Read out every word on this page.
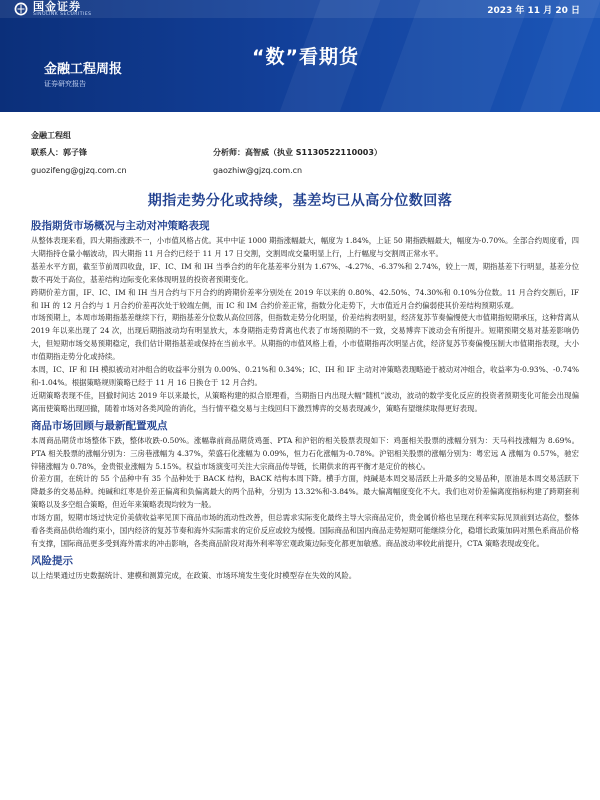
国金证券
SINOLINK SECURITIES	2023 年 11 月 20 日
金融工程周报
证券研究报告
“数”看期货
金融工程组
联系人：郭子锋
guozifeng@gjzq.com.cn
分析师：高智威（执业 S1130522110003）
gaozhiw@gjzq.com.cn
期指走势分化或持续，基差均已从高分位数回落
股指期货市场概况与主动对冲策略表现

从整体表现来看，四大期指涨跌不一，小市值风格占优。其中中证 1000 期指涨幅最大，幅度为 1.84%，上证 50 期指跌幅最大，幅度为-0.70%。全部合约周度看，四大期指持仓量小幅波动，四大期指 11 月合约已经于 11 月 17 日交割，交割周成交量明显上行，上行幅度与交割周正常水平。

基差水平方面，截至节前周四收盘，IF、IC、IM 和 IH 当季合约的年化基差率分别为 1.67%、-4.27%、-6.37%和 2.74%，较上一周，期指基差下行明显，基差分位数不再处于高位，基差结构边际变化来体现明显的投资者预期变化。

跨期价差方面，IF、IC、IM 和 IH 当月合约与下月合约的跨期价差率分别处在 2019 年以来的 0.80%、42.50%、74.30%和 0.10%分位数。11 月合约交割后，IF 和 IH 的 12 月合约与 1 月合约价差再次处于较端左侧，而 IC 和 IM 合约价差正常，指数分化走势下，大市值近月合约偏弱使其价差结构预期乐观。

市场预期上，本周市场期指基差继续下行，期指基差分位数从高位回落，但指数走势分化明显，价差结构表明显，经济复苏节奏偏慢使大市值期指短期承压，这种背离从 2019 年以来出现了 24 次，出现后期指波动均有明显放大，本身期指走势背离也代表了市场预期的不一致，交易博弈下波动会有所提升。短期预期交易对基差影响仍大，但短期市场交易预期稳定，我们估计期指基差或保持在当前水平。从期指的市值风格上看，小市值期指再次明显占优，经济复苏节奏偏慢压制大市值期指表现，大小市值期指走势分化或持续。

本周，IC、IF 和 IH 模拟被动对冲组合的收益率分别为 0.00%、0.21%和 0.34%；IC、IH 和 IF 主动对冲策略表现略逊于被动对冲组合，收益率为-0.93%、-0.74%和-1.04%。根据策略规则策略已经于 11 月 16 日换仓于 12 月合约。

近期策略表现不佳，回撤时间达 2019 年以来最长，从策略构建的拟合原理看，当期指日内出现大幅“随机”波动，波动的数学变化反应的投资者预期变化可能会出现偏离而使策略出现回撤，随着市场对各类风险的消化，当行情平稳交易与主线回归下激烈博弈的交易表现减少，策略有望继续取得更好表现。

商品市场回顾与最新配置观点

本周商品期货市场整体下跌，整体收跌-0.50%。涨幅靠前商品期货鸡蛋、PTA 和沪铝的相关股票表现如下：鸡蛋相关股票的涨幅分别为：天马科技涨幅为 8.69%。PTA 相关股票的涨幅分别为：三房巷涨幅为 4.37%，荣盛石化涨幅为 0.09%，恒力石化涨幅为-0.78%。沪铝相关股票的涨幅分别为：粤宏远 A 涨幅为 0.57%，驰宏锌锗涨幅为 0.78%，金贵银业涨幅为 5.15%。权益市场演变可关注大宗商品传导链，长期供求的再平衡才是定价的核心。

价差方面，在统计的 55 个品种中有 35 个品种处于 BACK 结构，BACK 结构本周下降。横手方面，纯碱是本周交易活跃上升最多的交易品种，原油是本周交易活跃下降最多的交易品种。纯碱和红枣是价差正偏离和负偏离最大的两个品种，分别为 13.32%和-3.84%。最大偏离幅度变化不大。我们也对价差偏离度指标构建了跨期套利策略以及多空组合策略，但近年来策略表现均较为一般。

市场方面，短期市场过快定价美债收益率见顶下商品市场的流动性改善，但总需求实际变化最终主导大宗商品定价，贵金属价格也呈现在利率实际见顶前到达高位，整体看各类商品供给端约束小，国内经济的复苏节奏和海外实际需求的定价反应或较为缓慢。国际商品和国内商品走势短期可能继续分化，稳增长政策加码对黑色系商品价格有支撑，国际商品更多受到海外需求的冲击影响，各类商品阶段对海外利率等宏观政策边际变化都更加敏感。商品波动率较此前提升，CTA 策略表现或变化。

风险提示

以上结果通过历史数据统计、建模和测算完成，在政策、市场环境发生变化时模型存在失效的风险。
